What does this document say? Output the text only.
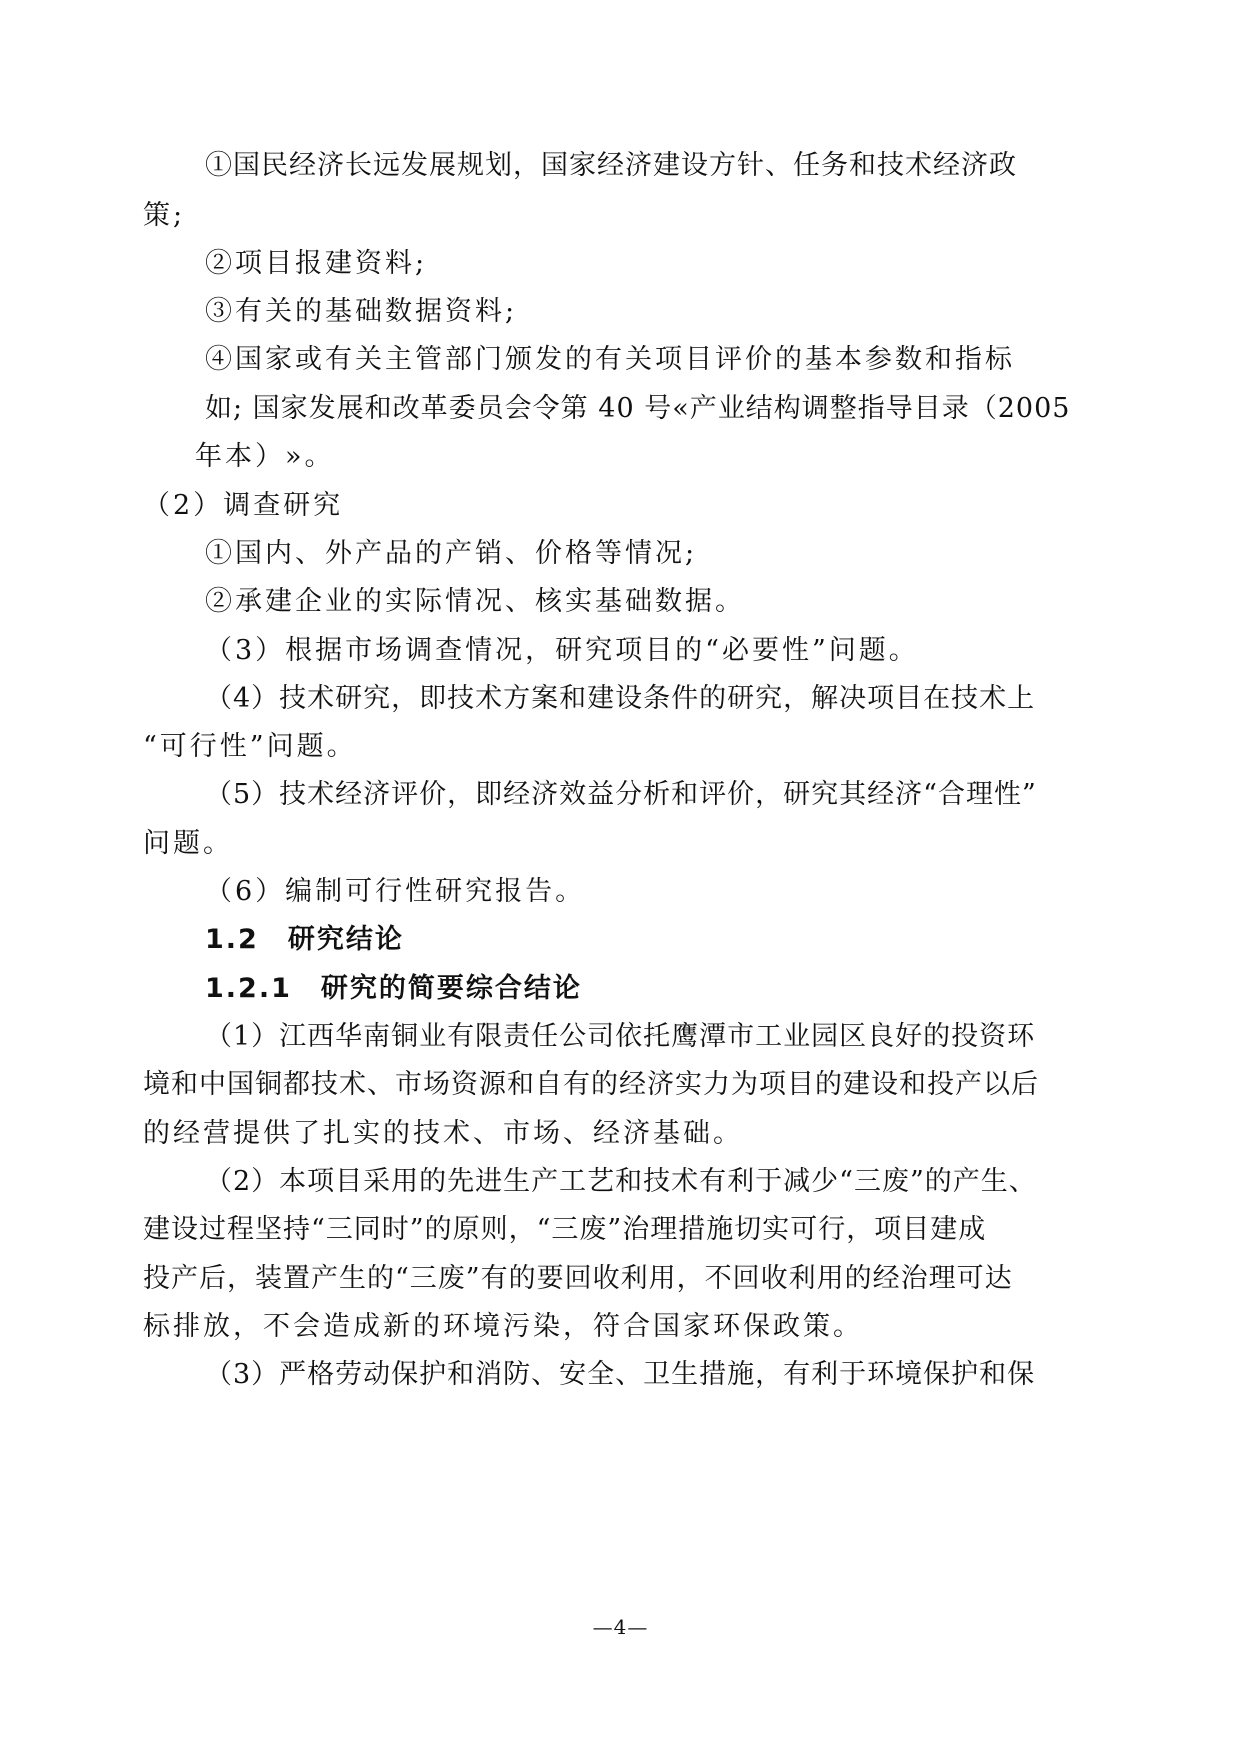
①国民经济长远发展规划，国家经济建设方针、任务和技术经济政
策;
②项目报建资料;
③有关的基础数据资料;
④国家或有关主管部门颁发的有关项目评价的基本参数和指标
如; 国家发展和改革委员会令第 40 号«产业结构调整指导目录（2005
年本）»。
（2）调查研究
①国内、外产品的产销、价格等情况;
②承建企业的实际情况、核实基础数据。
（3）根据市场调查情况，研究项目的“必要性”问题。
（4）技术研究，即技术方案和建设条件的研究，解决项目在技术上
“可行性”问题。
（5）技术经济评价，即经济效益分析和评价，研究其经济“合理性”
问题。
（6）编制可行性研究报告。
1.2　研究结论
1.2.1　研究的简要综合结论
（1）江西华南铜业有限责任公司依托鹰潭市工业园区良好的投资环
境和中国铜都技术、市场资源和自有的经济实力为项目的建设和投产以后
的经营提供了扎实的技术、市场、经济基础。
（2）本项目采用的先进生产工艺和技术有利于减少“三废”的产生、
建设过程坚持“三同时”的原则，“三废”治理措施切实可行，项目建成
投产后，装置产生的“三废”有的要回收利用，不回收利用的经治理可达
标排放，不会造成新的环境污染，符合国家环保政策。
（3）严格劳动保护和消防、安全、卫生措施，有利于环境保护和保
—4—
